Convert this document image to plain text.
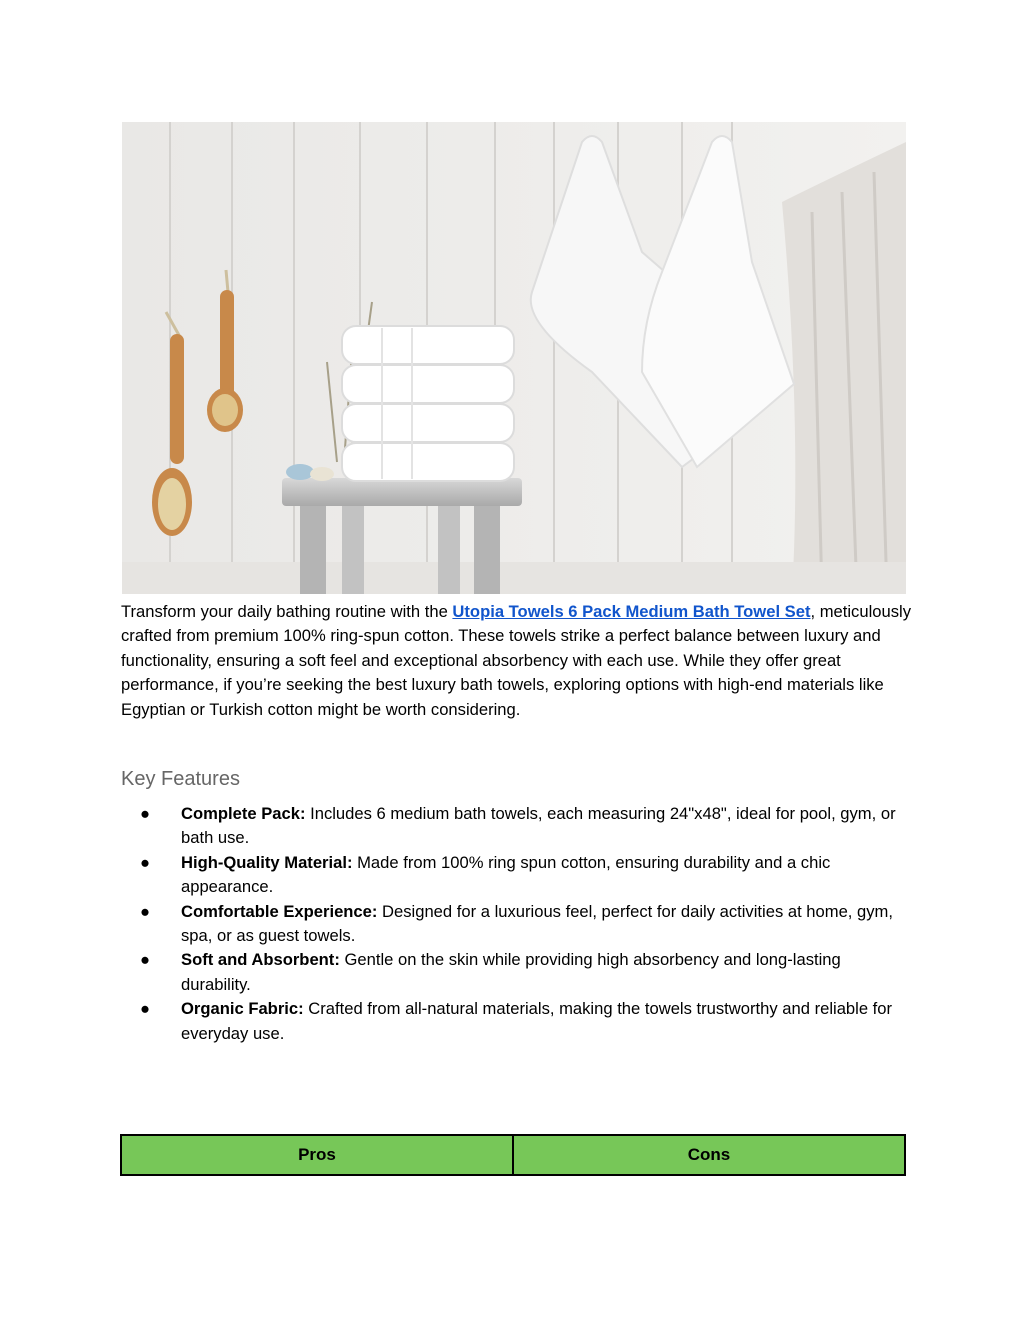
Transform your daily bathing routine with the Utopia Towels 6 Pack Medium Bath Towel Set, meticulously crafted from premium 100% ring-spun cotton. These towels strike a perfect balance between luxury and functionality, ensuring a soft feel and exceptional absorbency with each use. While they offer great performance, if you’re seeking the best luxury bath towels, exploring options with high-end materials like Egyptian or Turkish cotton might be worth considering.

Key Features
● Complete Pack: Includes 6 medium bath towels, each measuring 24"x48", ideal for pool, gym, or bath use.
● High-Quality Material: Made from 100% ring spun cotton, ensuring durability and a chic appearance.
● Comfortable Experience: Designed for a luxurious feel, perfect for daily activities at home, gym, spa, or as guest towels.
● Soft and Absorbent: Gentle on the skin while providing high absorbency and long-lasting durability.
● Organic Fabric: Crafted from all-natural materials, making the towels trustworthy and reliable for everyday use.
Pros	Cons
